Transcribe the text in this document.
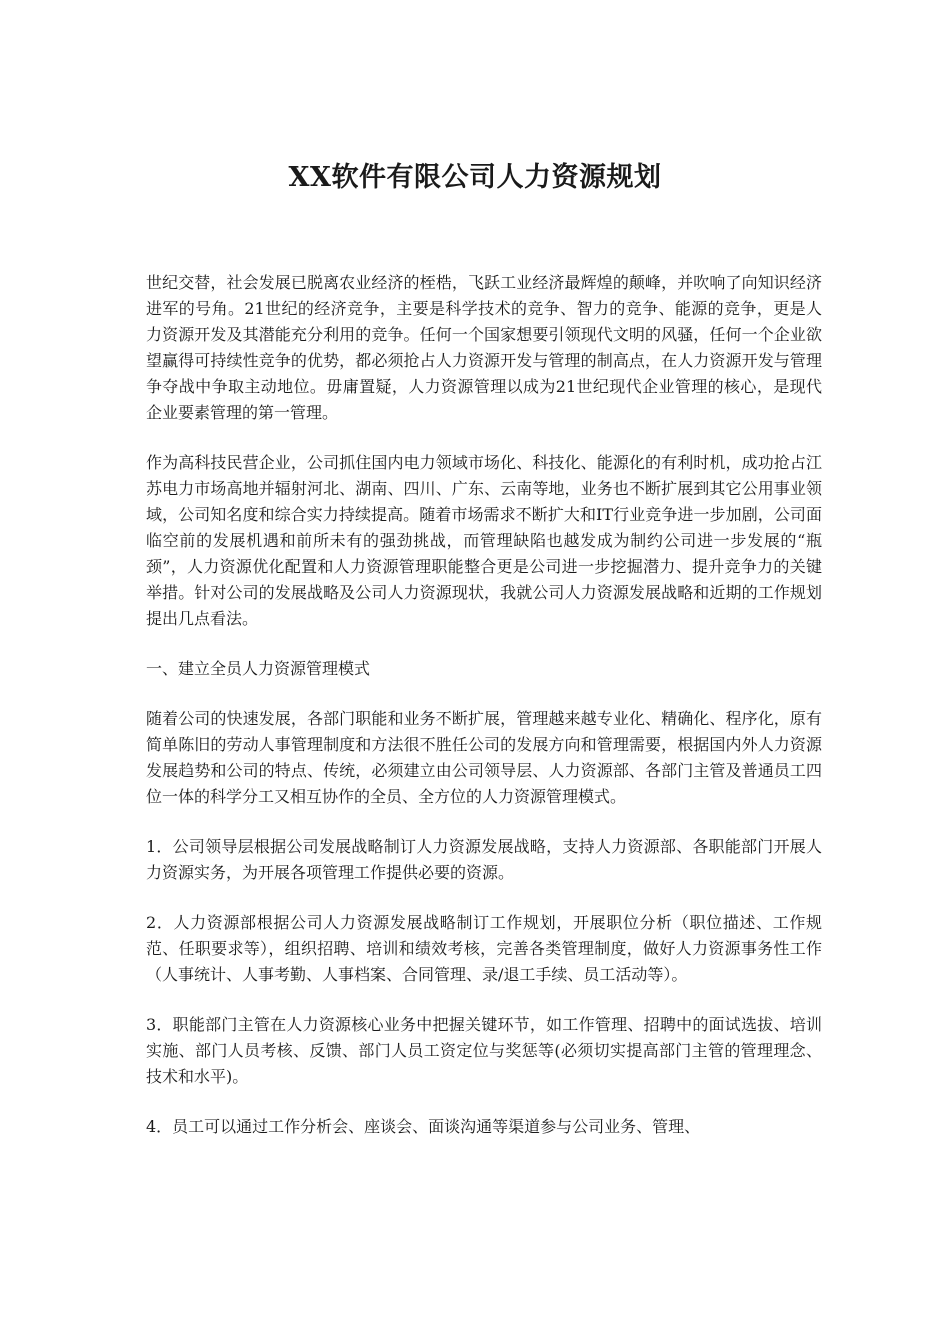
XX软件有限公司人力资源规划

世纪交替，社会发展已脱离农业经济的桎梏，飞跃工业经济最辉煌的颠峰，并吹响了向知识经济进军的号角。21世纪的经济竞争，主要是科学技术的竞争、智力的竞争、能源的竞争，更是人力资源开发及其潜能充分利用的竞争。任何一个国家想要引领现代文明的风骚，任何一个企业欲望赢得可持续性竞争的优势，都必须抢占人力资源开发与管理的制高点，在人力资源开发与管理争夺战中争取主动地位。毋庸置疑，人力资源管理以成为21世纪现代企业管理的核心，是现代企业要素管理的第一管理。

作为高科技民营企业，公司抓住国内电力领域市场化、科技化、能源化的有利时机，成功抢占江苏电力市场高地并辐射河北、湖南、四川、广东、云南等地，业务也不断扩展到其它公用事业领域，公司知名度和综合实力持续提高。随着市场需求不断扩大和IT行业竞争进一步加剧，公司面临空前的发展机遇和前所未有的强劲挑战，而管理缺陷也越发成为制约公司进一步发展的“瓶颈”，人力资源优化配置和人力资源管理职能整合更是公司进一步挖掘潜力、提升竞争力的关键举措。针对公司的发展战略及公司人力资源现状，我就公司人力资源发展战略和近期的工作规划提出几点看法。

一、建立全员人力资源管理模式

随着公司的快速发展，各部门职能和业务不断扩展，管理越来越专业化、精确化、程序化，原有简单陈旧的劳动人事管理制度和方法很不胜任公司的发展方向和管理需要，根据国内外人力资源发展趋势和公司的特点、传统，必须建立由公司领导层、人力资源部、各部门主管及普通员工四位一体的科学分工又相互协作的全员、全方位的人力资源管理模式。

1．公司领导层根据公司发展战略制订人力资源发展战略，支持人力资源部、各职能部门开展人力资源实务，为开展各项管理工作提供必要的资源。

2．人力资源部根据公司人力资源发展战略制订工作规划，开展职位分析（职位描述、工作规范、任职要求等），组织招聘、培训和绩效考核，完善各类管理制度，做好人力资源事务性工作（人事统计、人事考勤、人事档案、合同管理、录/退工手续、员工活动等）。

3．职能部门主管在人力资源核心业务中把握关键环节，如工作管理、招聘中的面试选拔、培训实施、部门人员考核、反馈、部门人员工资定位与奖惩等(必须切实提高部门主管的管理理念、技术和水平)。

4．员工可以通过工作分析会、座谈会、面谈沟通等渠道参与公司业务、管理、
